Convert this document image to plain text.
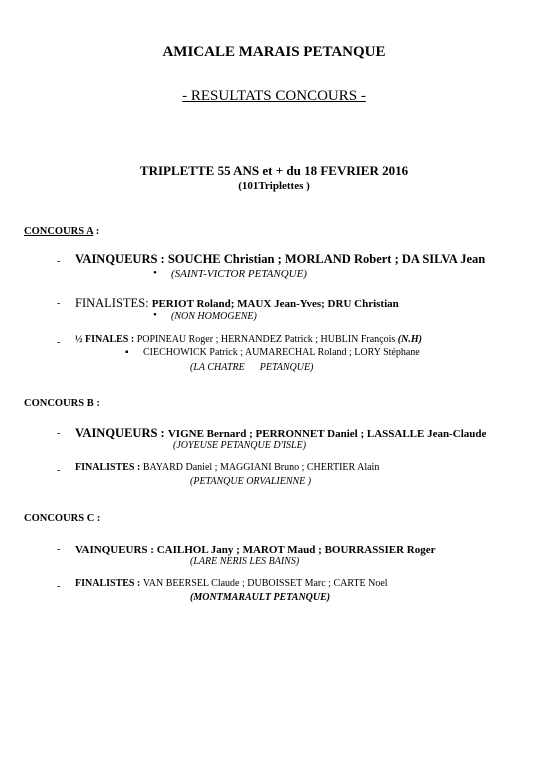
AMICALE MARAIS PETANQUE
- RESULTATS CONCOURS -
TRIPLETTE 55 ANS et + du 18 FEVRIER 2016
(101Triplettes )
CONCOURS A :
- VAINQUEURS : SOUCHE Christian ; MORLAND Robert ; DA SILVA Jean
• (SAINT-VICTOR PETANQUE)
- FINALISTES: PERIOT Roland; MAUX Jean-Yves; DRU Christian
• (NON HOMOGENE)
- ½ FINALES : POPINEAU Roger ; HERNANDEZ Patrick ; HUBLIN François (N.H)
▪ CIECHOWICK Patrick ; AUMARECHAL Roland ; LORY Stéphane
(LA CHATRE      PETANQUE)
CONCOURS B :
- VAINQUEURS : VIGNE Bernard ; PERRONNET Daniel ; LASSALLE Jean-Claude
(JOYEUSE PETANQUE D'ISLE)
- FINALISTES : BAYARD Daniel ; MAGGIANI Bruno ; CHERTIER Alain
(PETANQUE ORVALIENNE )
CONCOURS C :
- VAINQUEURS : CAILHOL Jany ; MAROT Maud ; BOURRASSIER Roger
(LARE NERIS LES BAINS)
- FINALISTES : VAN BEERSEL Claude ; DUBOISSET Marc ; CARTE Noel
(MONTMARAULT PETANQUE)
